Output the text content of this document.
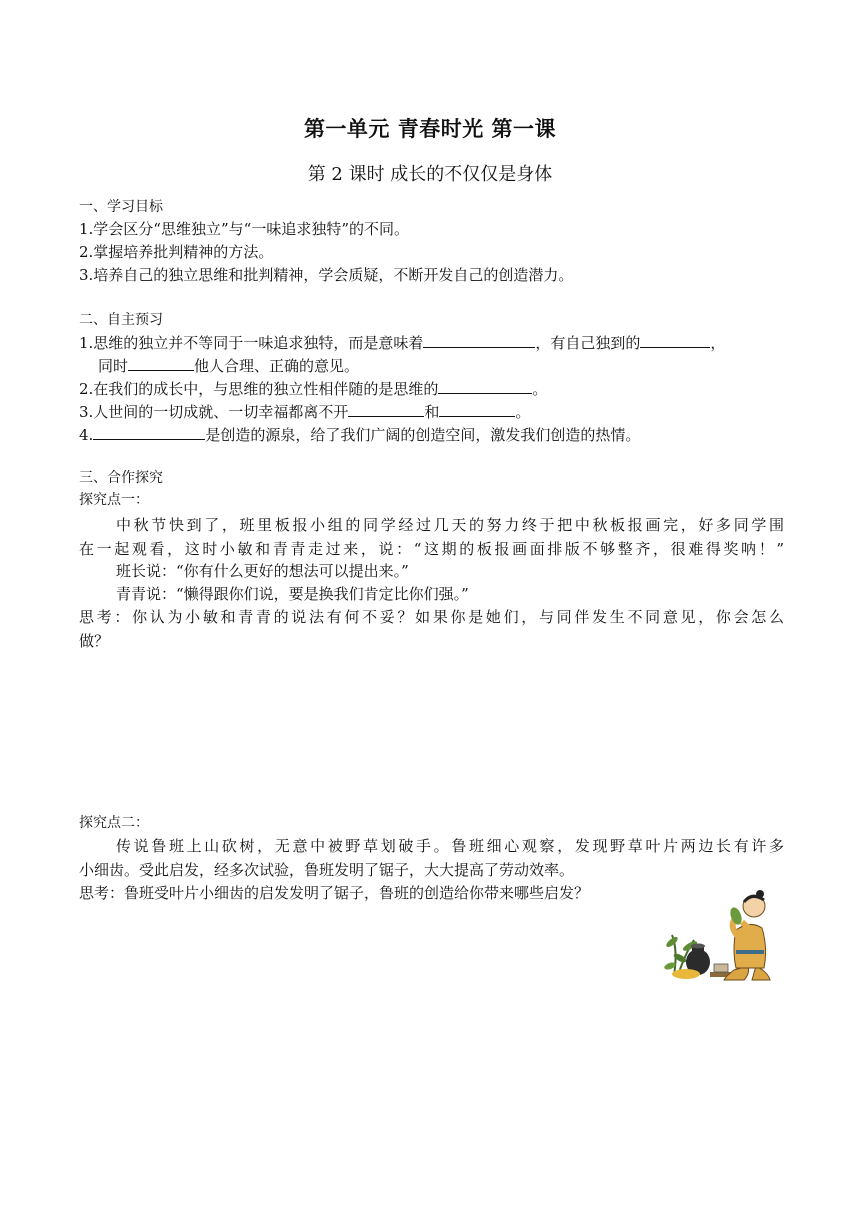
第一单元 青春时光 第一课
第 2 课时 成长的不仅仅是身体
一、学习目标
1.学会区分“思维独立”与“一味追求独特”的不同。
2.掌握培养批判精神的方法。
3.培养自己的独立思维和批判精神，学会质疑，不断开发自己的创造潜力。
二、自主预习
1.思维的独立并不等同于一味追求独特，而是意味着	，有自己独到的	，
同时	他人合理、正确的意见。
2.在我们的成长中，与思维的独立性相伴随的是思维的	。
3.人世间的一切成就、一切幸福都离不开	和	。
4.	是创造的源泉，给了我们广阔的创造空间，激发我们创造的热情。
三、合作探究
探究点一：
中秋节快到了，班里板报小组的同学经过几天的努力终于把中秋板报画完，好多同学围
在一起观看，这时小敏和青青走过来，说：“这期的板报画面排版不够整齐，很难得奖呐！”
班长说：“你有什么更好的想法可以提出来。”
青青说：“懒得跟你们说，要是换我们肯定比你们强。”
思考：你认为小敏和青青的说法有何不妥？如果你是她们，与同伴发生不同意见，你会怎么
做？
探究点二：
传说鲁班上山砍树，无意中被野草划破手。鲁班细心观察，发现野草叶片两边长有许多
小细齿。受此启发，经多次试验，鲁班发明了锯子，大大提高了劳动效率。
思考：鲁班受叶片小细齿的启发发明了锯子，鲁班的创造给你带来哪些启发？
